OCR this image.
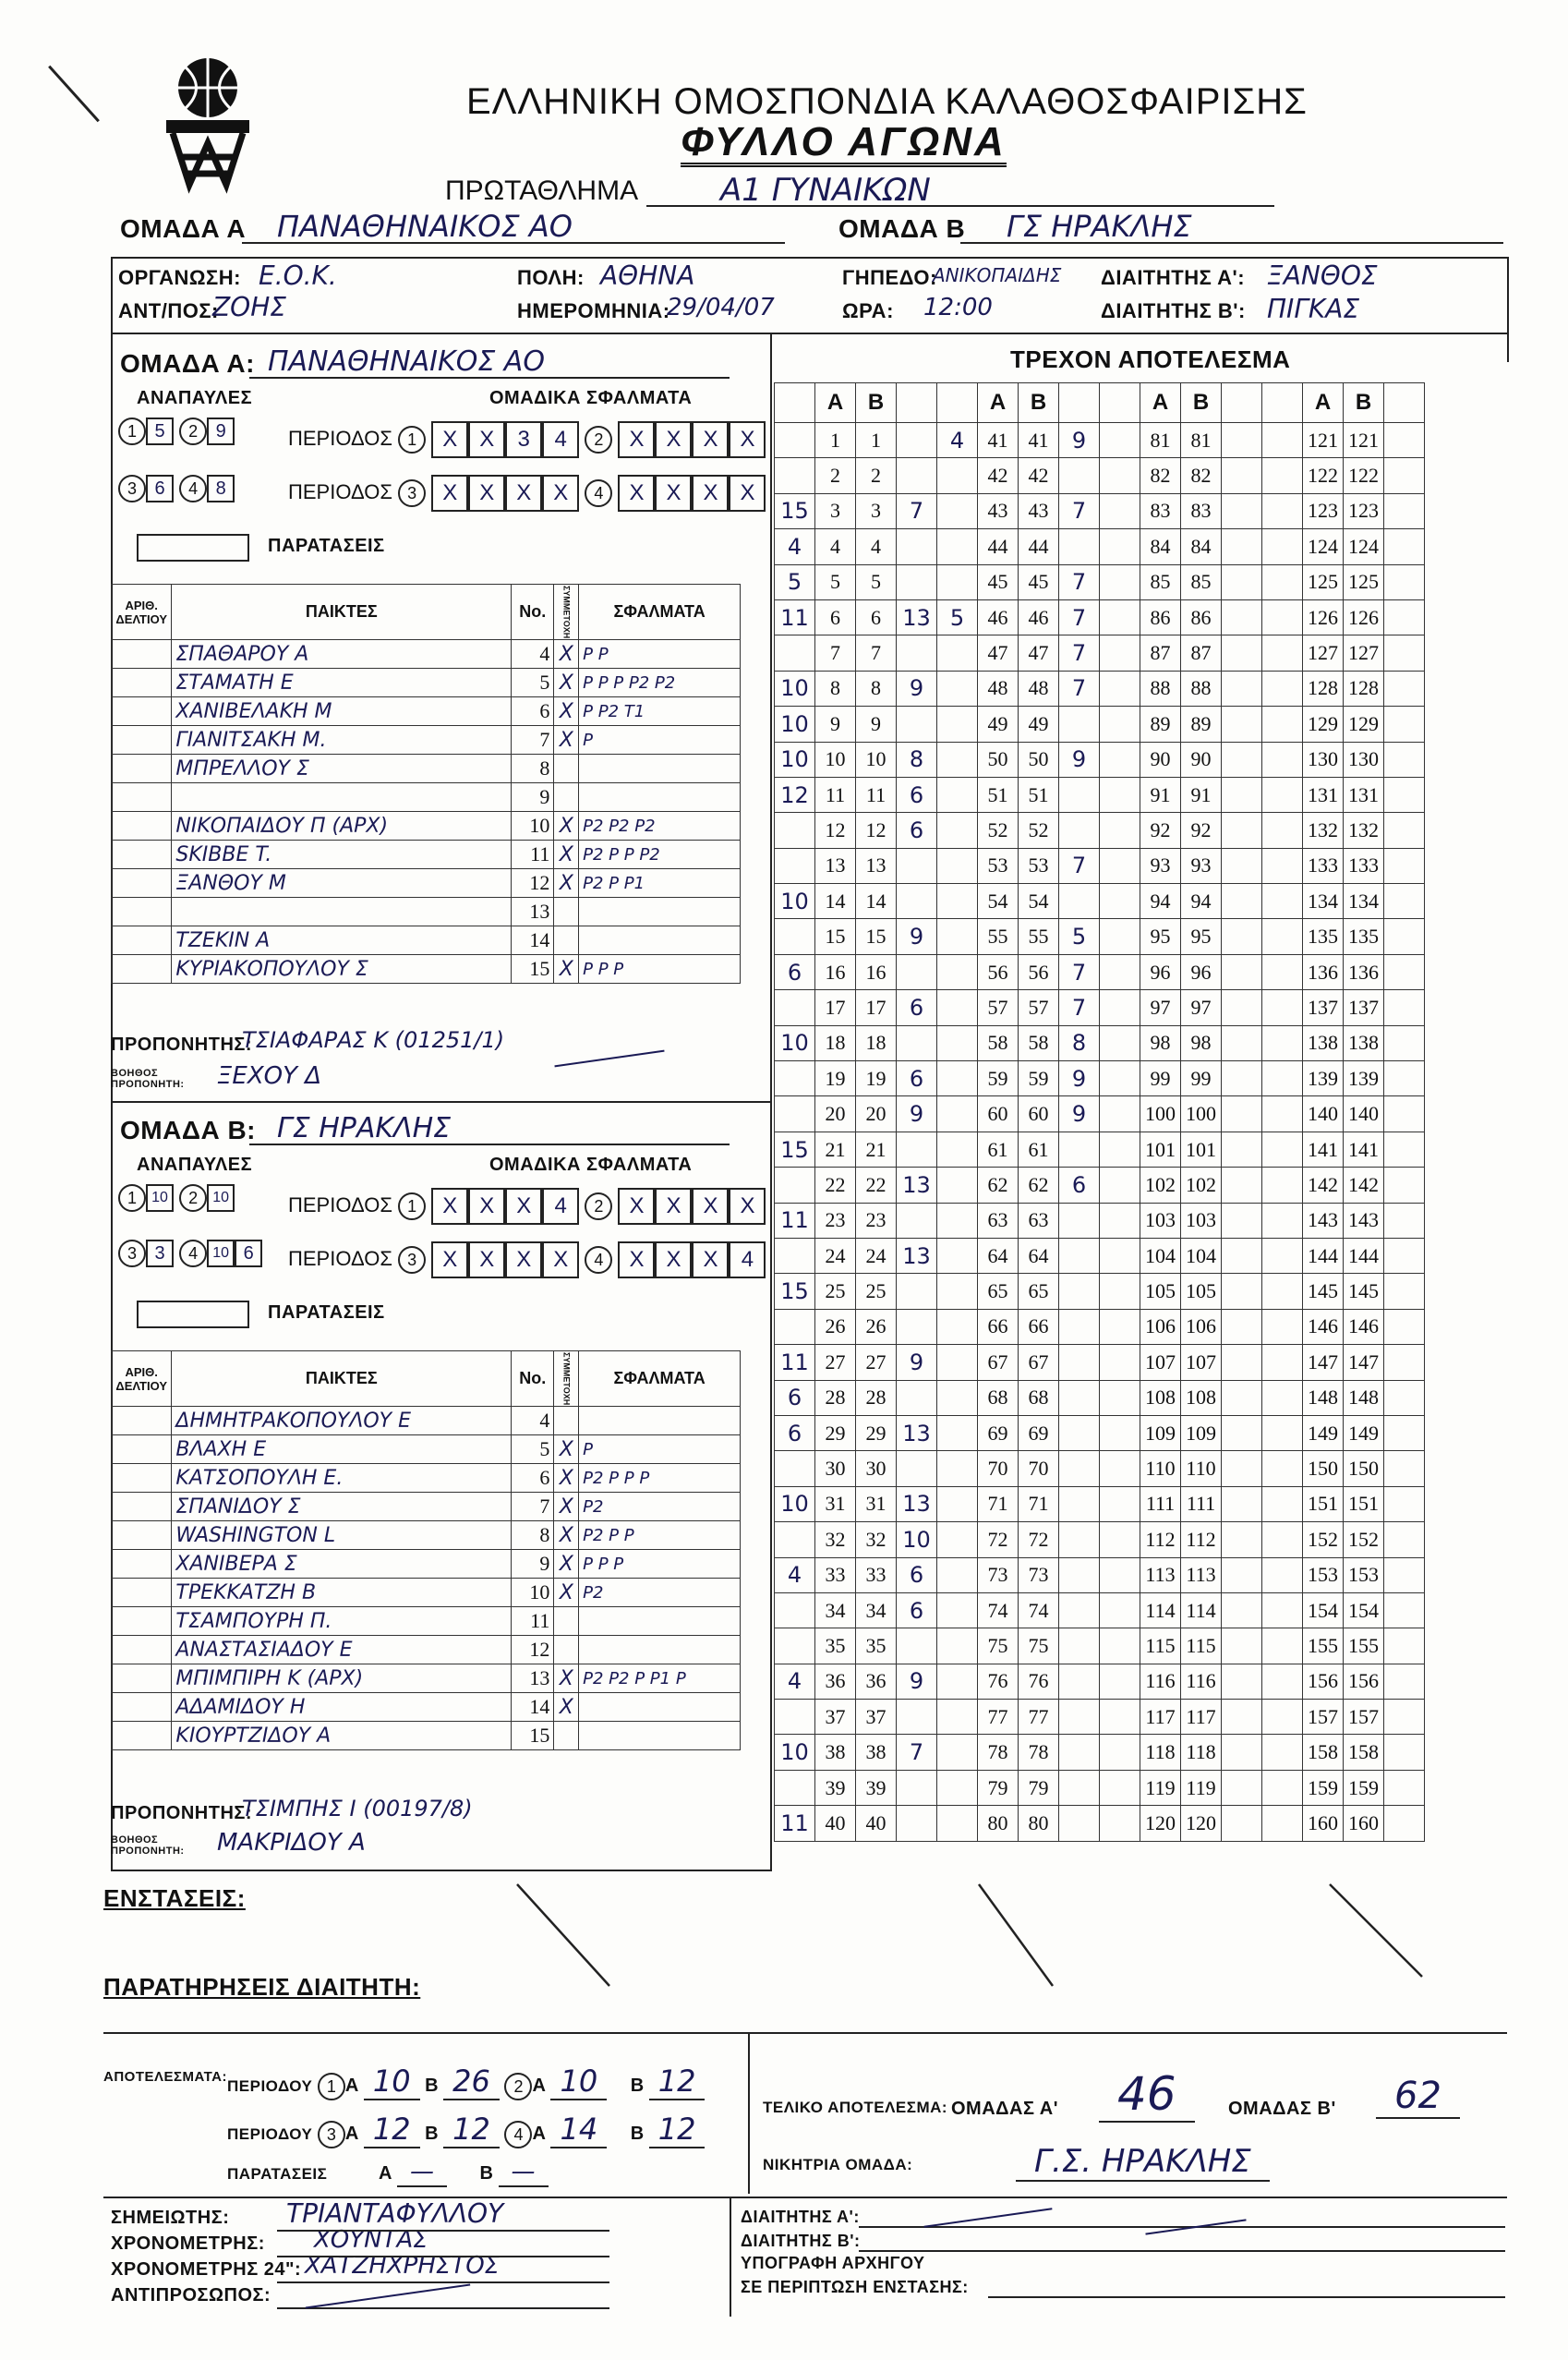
ΕΛΛΗΝΙΚΗ ΟΜΟΣΠΟΝΔΙΑ ΚΑΛΑΘΟΣΦΑΙΡΙΣΗΣ
ΦΥΛΛΟ ΑΓΩΝΑ
ΠΡΩΤΑΘΛΗΜΑ	Α1 ΓΥΝΑΙΚΩΝ
ΟΜΑΔΑ Α ΠΑΝΑΘΗΝΑΙΚΟΣ ΑΟ	ΟΜΑΔΑ Β ΓΣ ΗΡΑΚΛΗΣ
ΟΡΓΑΝΩΣΗ: Ε.Ο.Κ.	ΠΟΛΗ: ΑΘΗΝΑ	ΓΗΠΕΔΟ:
ΑΝΙΚΟΠΑΙΔΗΣ ΔΙΑΙΤΗΤΗΣ Α': ΞΑΝΘΟΣ
ΑΝΤ/ΠΟΣ:
ΖΟΗΣ	ΗΜΕΡΟΜΗΝΙΑ:
29/04/07	ΩΡΑ: 12:00	ΔΙΑΙΤΗΤΗΣ Β': ΠΙΓΚΑΣ
ΟΜΑΔΑ Α: ΠΑΝΑΘΗΝΑΙΚΟΣ ΑΟ
ΑΝΑΠΑΥΛΕΣ	ΟΜΑΔΙΚΑ ΣΦΑΛΜΑΤΑ
1 5 2 9
3 6 4 8
ΠΕΡΙΟΔΟΣ 1 X X 3 4 2 X X X X
ΠΕΡΙΟΔΟΣ 3 X X X X 4 X X X X
ΠΑΡΑΤΑΣΕΙΣ
ΑΡΙΘ. ΔΕΛΤΙΟΥ	ΠΑΙΚΤΕΣ	No.	ΣΥΜΜΕΤΟΧΗ	ΣΦΑΛΜΑΤΑ
	ΣΠΑΘΑΡΟΥ Α	4	X	P P
	ΣΤΑΜΑΤΗ Ε	5	X	P P P P2 P2
	ΧΑΝΙΒΕΛΑΚΗ Μ	6	X	P P2 T1
	ΓΙΑΝΙΤΣΑΚΗ Μ.	7	X	P
	ΜΠΡΕΛΛΟΥ Σ	8		
		9		
	ΝΙΚΟΠΑΙΔΟΥ Π (ΑΡΧ)	10	X	P2 P2 P2
	SKIBBE T.	11	X	P2 P P P2
	ΞΑΝΘΟΥ Μ	12	X	P2 P P1
		13		
	ΤΖΕΚΙΝ Α	14		
	ΚΥΡΙΑΚΟΠΟΥΛΟΥ Σ	15	X	P P P
ΠΡΟΠΟΝΗΤΗΣ:
ΤΣΙΑΦΑΡΑΣ Κ (01251/1)
ΒΟΗΘΟΣ ΠΡΟΠΟΝΗΤΗ: ΞΕΧΟΥ Δ
ΟΜΑΔΑ Β: ΓΣ ΗΡΑΚΛΗΣ
ΑΝΑΠΑΥΛΕΣ	ΟΜΑΔΙΚΑ ΣΦΑΛΜΑΤΑ
1 10 2 10
3 3 4 10 6
ΠΕΡΙΟΔΟΣ 1 X X X 4 2 X X X X
ΠΕΡΙΟΔΟΣ 3 X X X X 4 X X X 4
ΠΑΡΑΤΑΣΕΙΣ
ΑΡΙΘ. ΔΕΛΤΙΟΥ	ΠΑΙΚΤΕΣ	No.	ΣΥΜΜΕΤΟΧΗ	ΣΦΑΛΜΑΤΑ
	ΔΗΜΗΤΡΑΚΟΠΟΥΛΟΥ Ε	4		
	ΒΛΑΧΗ Ε	5	X	P
	ΚΑΤΣΟΠΟΥΛΗ Ε.	6	X	P2 P P P
	ΣΠΑΝΙΔΟΥ Σ	7	X	P2
	WASHINGTON L	8	X	P2 P P
	ΧΑΝΙΒΕΡΑ Σ	9	X	P P P
	ΤΡΕΚΚΑΤΖΗ Β	10	X	P2
	ΤΣΑΜΠΟΥΡΗ Π.	11		
	ΑΝΑΣΤΑΣΙΑΔΟΥ Ε	12		
	ΜΠΙΜΠΙΡΗ Κ (ΑΡΧ)	13	X	P2 P2 P P1 P
	ΑΔΑΜΙΔΟΥ Η	14	X	
	ΚΙΟΥΡΤΖΙΔΟΥ Α	15		
ΠΡΟΠΟΝΗΤΗΣ:
ΤΣΙΜΠΗΣ Ι (00197/8)
ΒΟΗΘΟΣ ΠΡΟΠΟΝΗΤΗ: ΜΑΚΡΙΔΟΥ Α
ΤΡΕΧΟΝ ΑΠΟΤΕΛΕΣΜΑ
	A	B			A	B			A	B			A	B	
	1	1		4	41	41	9		81	81			121	121	
	2	2			42	42			82	82			122	122	
15	3	3	7		43	43	7		83	83			123	123	
4	4	4			44	44			84	84			124	124	
5	5	5			45	45	7		85	85			125	125	
11	6	6	13	5	46	46	7		86	86			126	126	
	7	7			47	47	7		87	87			127	127	
10	8	8	9		48	48	7		88	88			128	128	
10	9	9			49	49			89	89			129	129	
10	10	10	8		50	50	9		90	90			130	130	
12	11	11	6		51	51			91	91			131	131	
	12	12	6		52	52			92	92			132	132	
	13	13			53	53	7		93	93			133	133	
10	14	14			54	54			94	94			134	134	
	15	15	9		55	55	5		95	95			135	135	
6	16	16			56	56	7		96	96			136	136	
	17	17	6		57	57	7		97	97			137	137	
10	18	18			58	58	8		98	98			138	138	
	19	19	6		59	59	9		99	99			139	139	
	20	20	9		60	60	9		100	100			140	140	
15	21	21			61	61			101	101			141	141	
	22	22	13		62	62	6		102	102			142	142	
11	23	23			63	63			103	103			143	143	
	24	24	13		64	64			104	104			144	144	
15	25	25			65	65			105	105			145	145	
	26	26			66	66			106	106			146	146	
11	27	27	9		67	67			107	107			147	147	
6	28	28			68	68			108	108			148	148	
6	29	29	13		69	69			109	109			149	149	
	30	30			70	70			110	110			150	150	
10	31	31	13		71	71			111	111			151	151	
	32	32	10		72	72			112	112			152	152	
4	33	33	6		73	73			113	113			153	153	
	34	34	6		74	74			114	114			154	154	
	35	35			75	75			115	115			155	155	
4	36	36	9		76	76			116	116			156	156	
	37	37			77	77			117	117			157	157	
10	38	38	7		78	78			118	118			158	158	
	39	39			79	79			119	119			159	159	
11	40	40			80	80			120	120			160	160	
ΕΝΣΤΑΣΕΙΣ:
ΠΑΡΑΤΗΡΗΣΕΙΣ ΔΙΑΙΤΗΤΗ:
ΑΠΟΤΕΛΕΣΜΑΤΑ:
ΠΕΡΙΟΔΟΥ 1 A 10 B 26 2 A 10 B 12
ΠΕΡΙΟΔΟΥ 3 A 12 B 12 4 A 14 B 12
ΠΑΡΑΤΑΣΕΙΣ	A — B —
ΤΕΛΙΚΟ ΑΠΟΤΕΛΕΣΜΑ: ΟΜΑΔΑΣ Α'	46	ΟΜΑΔΑΣ Β'	62
ΝΙΚΗΤΡΙΑ ΟΜΑΔΑ:	Γ.Σ. ΗΡΑΚΛΗΣ
ΣΗΜΕΙΩΤΗΣ: ΤΡΙΑΝΤΑΦΥΛΛΟΥ
ΧΡΟΝΟΜΕΤΡΗΣ: ΧΟΥΝΤΑΣ
ΧΡΟΝΟΜΕΤΡΗΣ 24": ΧΑΤΖΗΧΡΗΣΤΟΣ
ΑΝΤΙΠΡΟΣΩΠΟΣ:
ΔΙΑΙΤΗΤΗΣ Α':
ΔΙΑΙΤΗΤΗΣ Β':
ΥΠΟΓΡΑΦΗ ΑΡΧΗΓΟΥ
ΣΕ ΠΕΡΙΠΤΩΣΗ ΕΝΣΤΑΣΗΣ:
